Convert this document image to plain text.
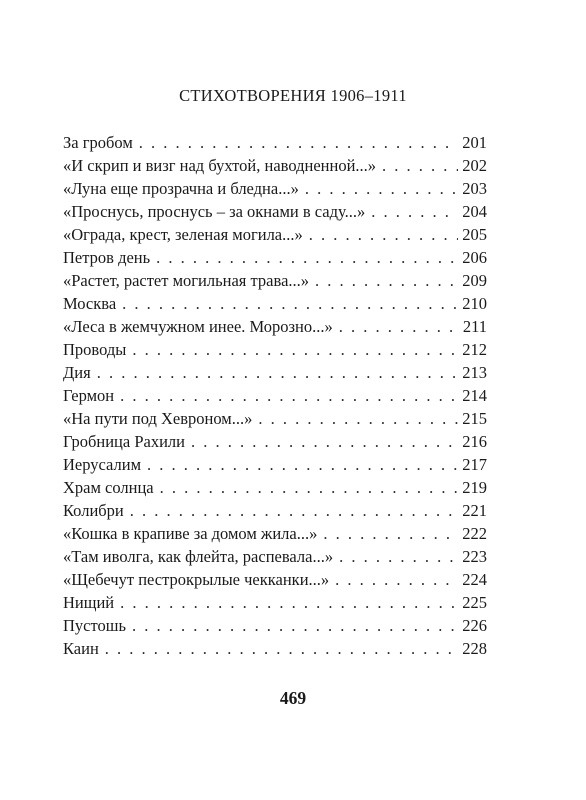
СТИХОТВОРЕНИЯ 1906–1911
За гробом . . .	201
«И скрип и визг над бухтой, наводненной...» . . .	202
«Луна еще прозрачна и бледна...» . . .	203
«Проснусь, проснусь – за окнами в саду...» . . .	204
«Ограда, крест, зеленая могила...» . . .	205
Петров день . . .	206
«Растет, растет могильная трава...» . . .	209
Москва . . .	210
«Леса в жемчужном инее. Морозно...» . . .	211
Проводы . . .	212
Дия . . .	213
Гермон . . .	214
«На пути под Хевроном...» . . .	215
Гробница Рахили . . .	216
Иерусалим . . .	217
Храм солнца . . .	219
Колибри . . .	221
«Кошка в крапиве за домом жила...» . . .	222
«Там иволга, как флейта, распевала...» . . .	223
«Щебечут пестрокрылые чекканки...» . . .	224
Нищий . . .	225
Пустошь . . .	226
Каин . . .	228
469
